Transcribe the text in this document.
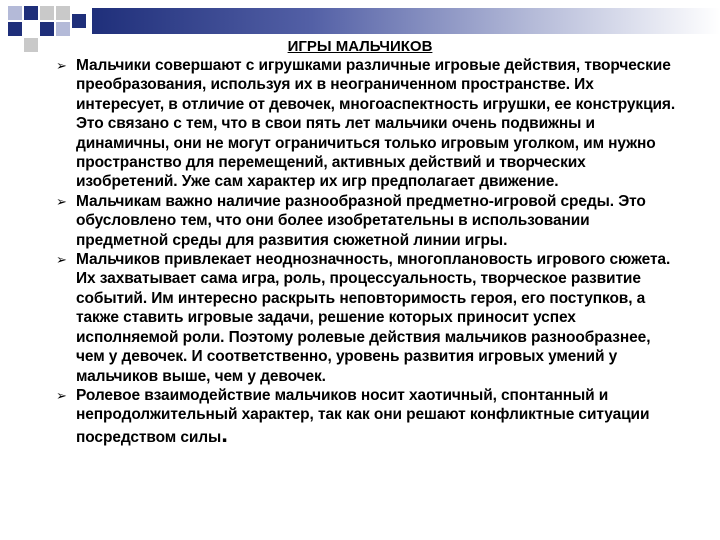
ИГРЫ МАЛЬЧИКОВ

➢ Мальчики совершают с игрушками различные игровые действия, творческие преобразования, используя их в неограниченном пространстве. Их интересует, в отличие от девочек, многоаспектность игрушки, ее конструкция. Это связано с тем, что в свои пять лет мальчики очень подвижны и динамичны, они не могут ограничиться только игровым уголком, им нужно пространство для перемещений, активных действий и творческих изобретений. Уже сам характер их игр предполагает движение.

➢ Мальчикам важно наличие разнообразной предметно-игровой среды. Это обусловлено тем, что они более изобретательны в использовании предметной среды для развития сюжетной линии игры.

➢ Мальчиков привлекает неоднозначность, многоплановость игрового сюжета. Их захватывает сама игра, роль, процессуальность, творческое развитие событий. Им интересно раскрыть неповторимость героя, его поступков, а также ставить игровые задачи, решение которых приносит успех исполняемой роли. Поэтому ролевые действия мальчиков разнообразнее, чем у девочек. И соответственно, уровень развития игровых умений у мальчиков выше, чем у девочек.

➢ Ролевое взаимодействие мальчиков носит хаотичный, спонтанный и непродолжительный характер, так как они решают конфликтные ситуации посредством силы.
